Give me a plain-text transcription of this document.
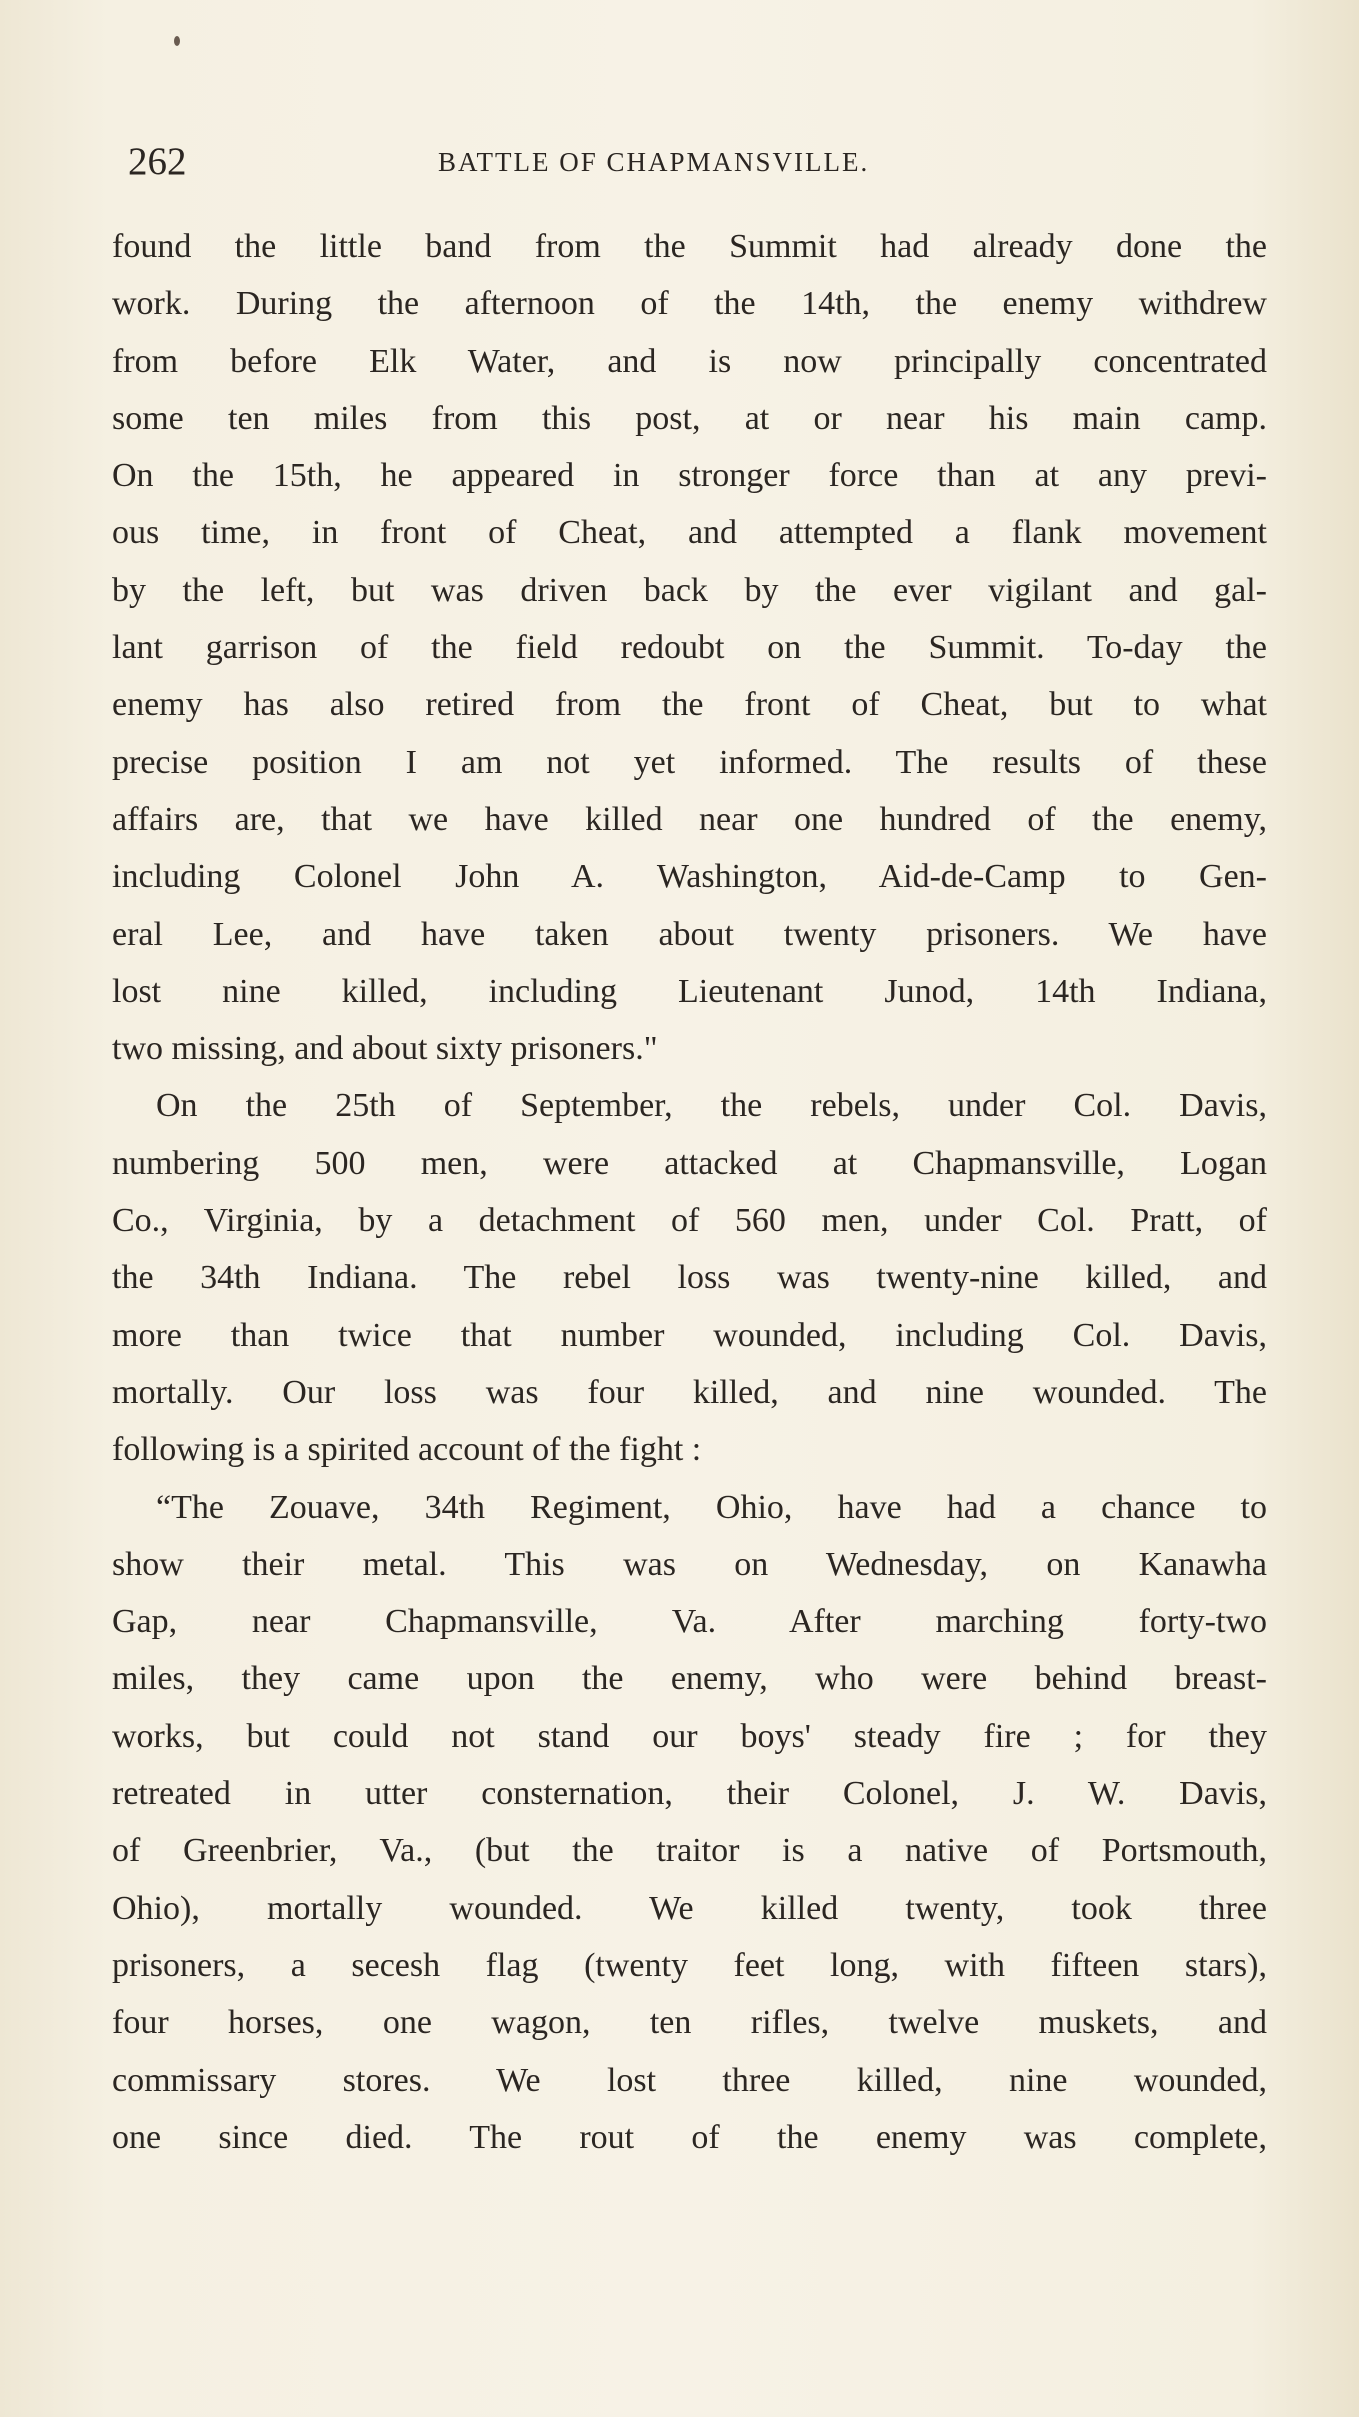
262	BATTLE OF CHAPMANSVILLE.
found the little band from the Summit had already done the
work. During the afternoon of the 14th, the enemy withdrew
from before Elk Water, and is now principally concentrated
some ten miles from this post, at or near his main camp.
On the 15th, he appeared in stronger force than at any previ-
ous time, in front of Cheat, and attempted a flank movement
by the left, but was driven back by the ever vigilant and gal-
lant garrison of the field redoubt on the Summit. To-day the
enemy has also retired from the front of Cheat, but to what
precise position I am not yet informed. The results of these
affairs are, that we have killed near one hundred of the enemy,
including Colonel John A. Washington, Aid-de-Camp to Gen-
eral Lee, and have taken about twenty prisoners. We have
lost nine killed, including Lieutenant Junod, 14th Indiana,
two missing, and about sixty prisoners."
On the 25th of September, the rebels, under Col. Davis,
numbering 500 men, were attacked at Chapmansville, Logan
Co., Virginia, by a detachment of 560 men, under Col. Pratt, of
the 34th Indiana. The rebel loss was twenty-nine killed, and
more than twice that number wounded, including Col. Davis,
mortally. Our loss was four killed, and nine wounded. The
following is a spirited account of the fight :
“The Zouave, 34th Regiment, Ohio, have had a chance to
show their metal. This was on Wednesday, on Kanawha
Gap, near Chapmansville, Va. After marching forty-two
miles, they came upon the enemy, who were behind breast-
works, but could not stand our boys' steady fire ; for they
retreated in utter consternation, their Colonel, J. W. Davis,
of Greenbrier, Va., (but the traitor is a native of Portsmouth,
Ohio), mortally wounded. We killed twenty, took three
prisoners, a secesh flag (twenty feet long, with fifteen stars),
four horses, one wagon, ten rifles, twelve muskets, and
commissary stores. We lost three killed, nine wounded,
one since died. The rout of the enemy was complete,
